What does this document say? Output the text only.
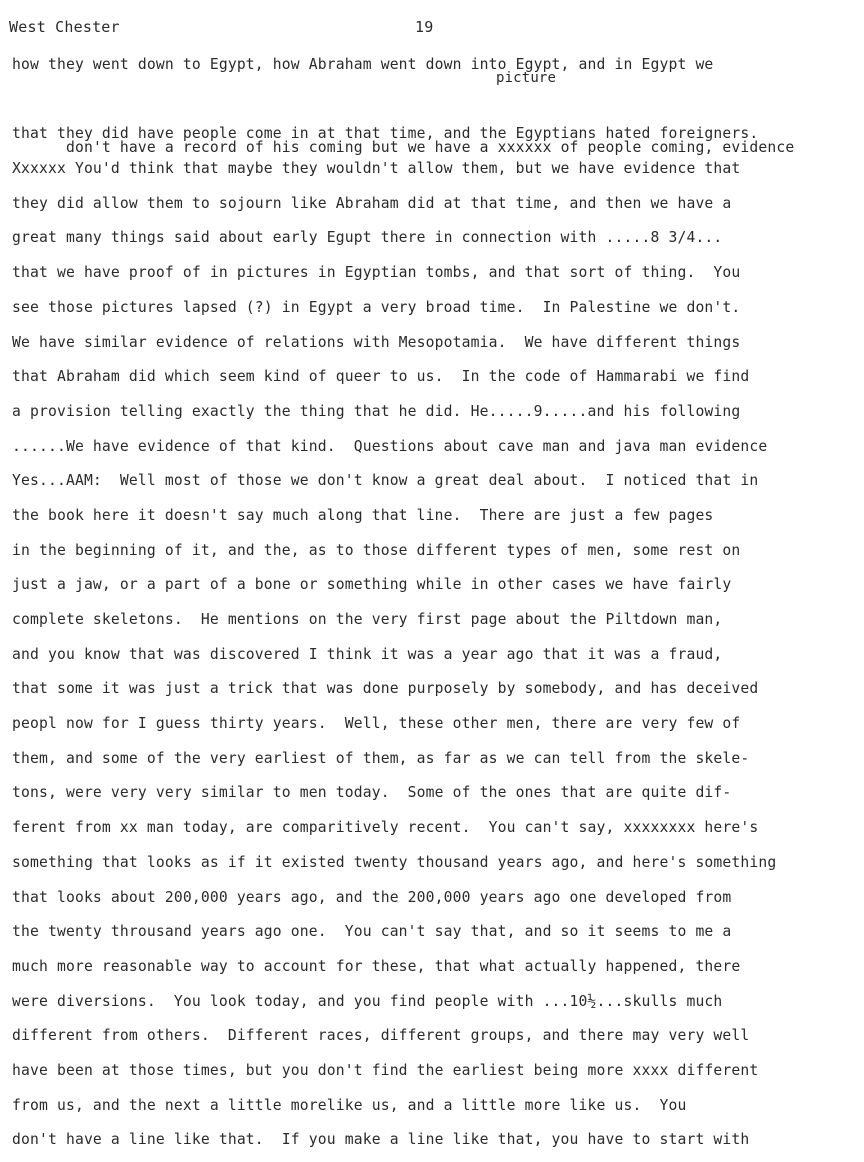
West Chester	19
how they went down to Egypt, how Abraham went down into Egypt, and in Egypt we

picture

don't have a record of his coming but we have a xxxxxx of people coming, evidence

that they did have people come in at that time, and the Egyptians hated foreigners.
Xxxxxx You'd think that maybe they wouldn't allow them, but we have evidence that
they did allow them to sojourn like Abraham did at that time, and then we have a
great many things said about early Egupt there in connection with .....8 3/4...
that we have proof of in pictures in Egyptian tombs, and that sort of thing.  You
see those pictures lapsed (?) in Egypt a very broad time.  In Palestine we don't.
We have similar evidence of relations with Mesopotamia.  We have different things
that Abraham did which seem kind of queer to us.  In the code of Hammarabi we find
a provision telling exactly the thing that he did. He.....9.....and his following
......We have evidence of that kind.  Questions about cave man and java man evidence
Yes...AAM:  Well most of those we don't know a great deal about.  I noticed that in
the book here it doesn't say much along that line.  There are just a few pages
in the beginning of it, and the, as to those different types of men, some rest on
just a jaw, or a part of a bone or something while in other cases we have fairly
complete skeletons.  He mentions on the very first page about the Piltdown man,
and you know that was discovered I think it was a year ago that it was a fraud,
that some it was just a trick that was done purposely by somebody, and has deceived
peopl now for I guess thirty years.  Well, these other men, there are very few of
them, and some of the very earliest of them, as far as we can tell from the skele-
tons, were very very similar to men today.  Some of the ones that are quite dif-
ferent from xx man today, are comparitively recent.  You can't say, xxxxxxxx here's
something that looks as if it existed twenty thousand years ago, and here's something
that looks about 200,000 years ago, and the 200,000 years ago one developed from
the twenty throusand years ago one.  You can't say that, and so it seems to me a
much more reasonable way to account for these, that what actually happened, there
were diversions.  You look today, and you find people with ...10½...skulls much
different from others.  Different races, different groups, and there may very well
have been at those times, but you don't find the earliest being more xxxx different
from us, and the next a little morelike us, and a little more like us.  You
don't have a line like that.  If you make a line like that, you have to start with
